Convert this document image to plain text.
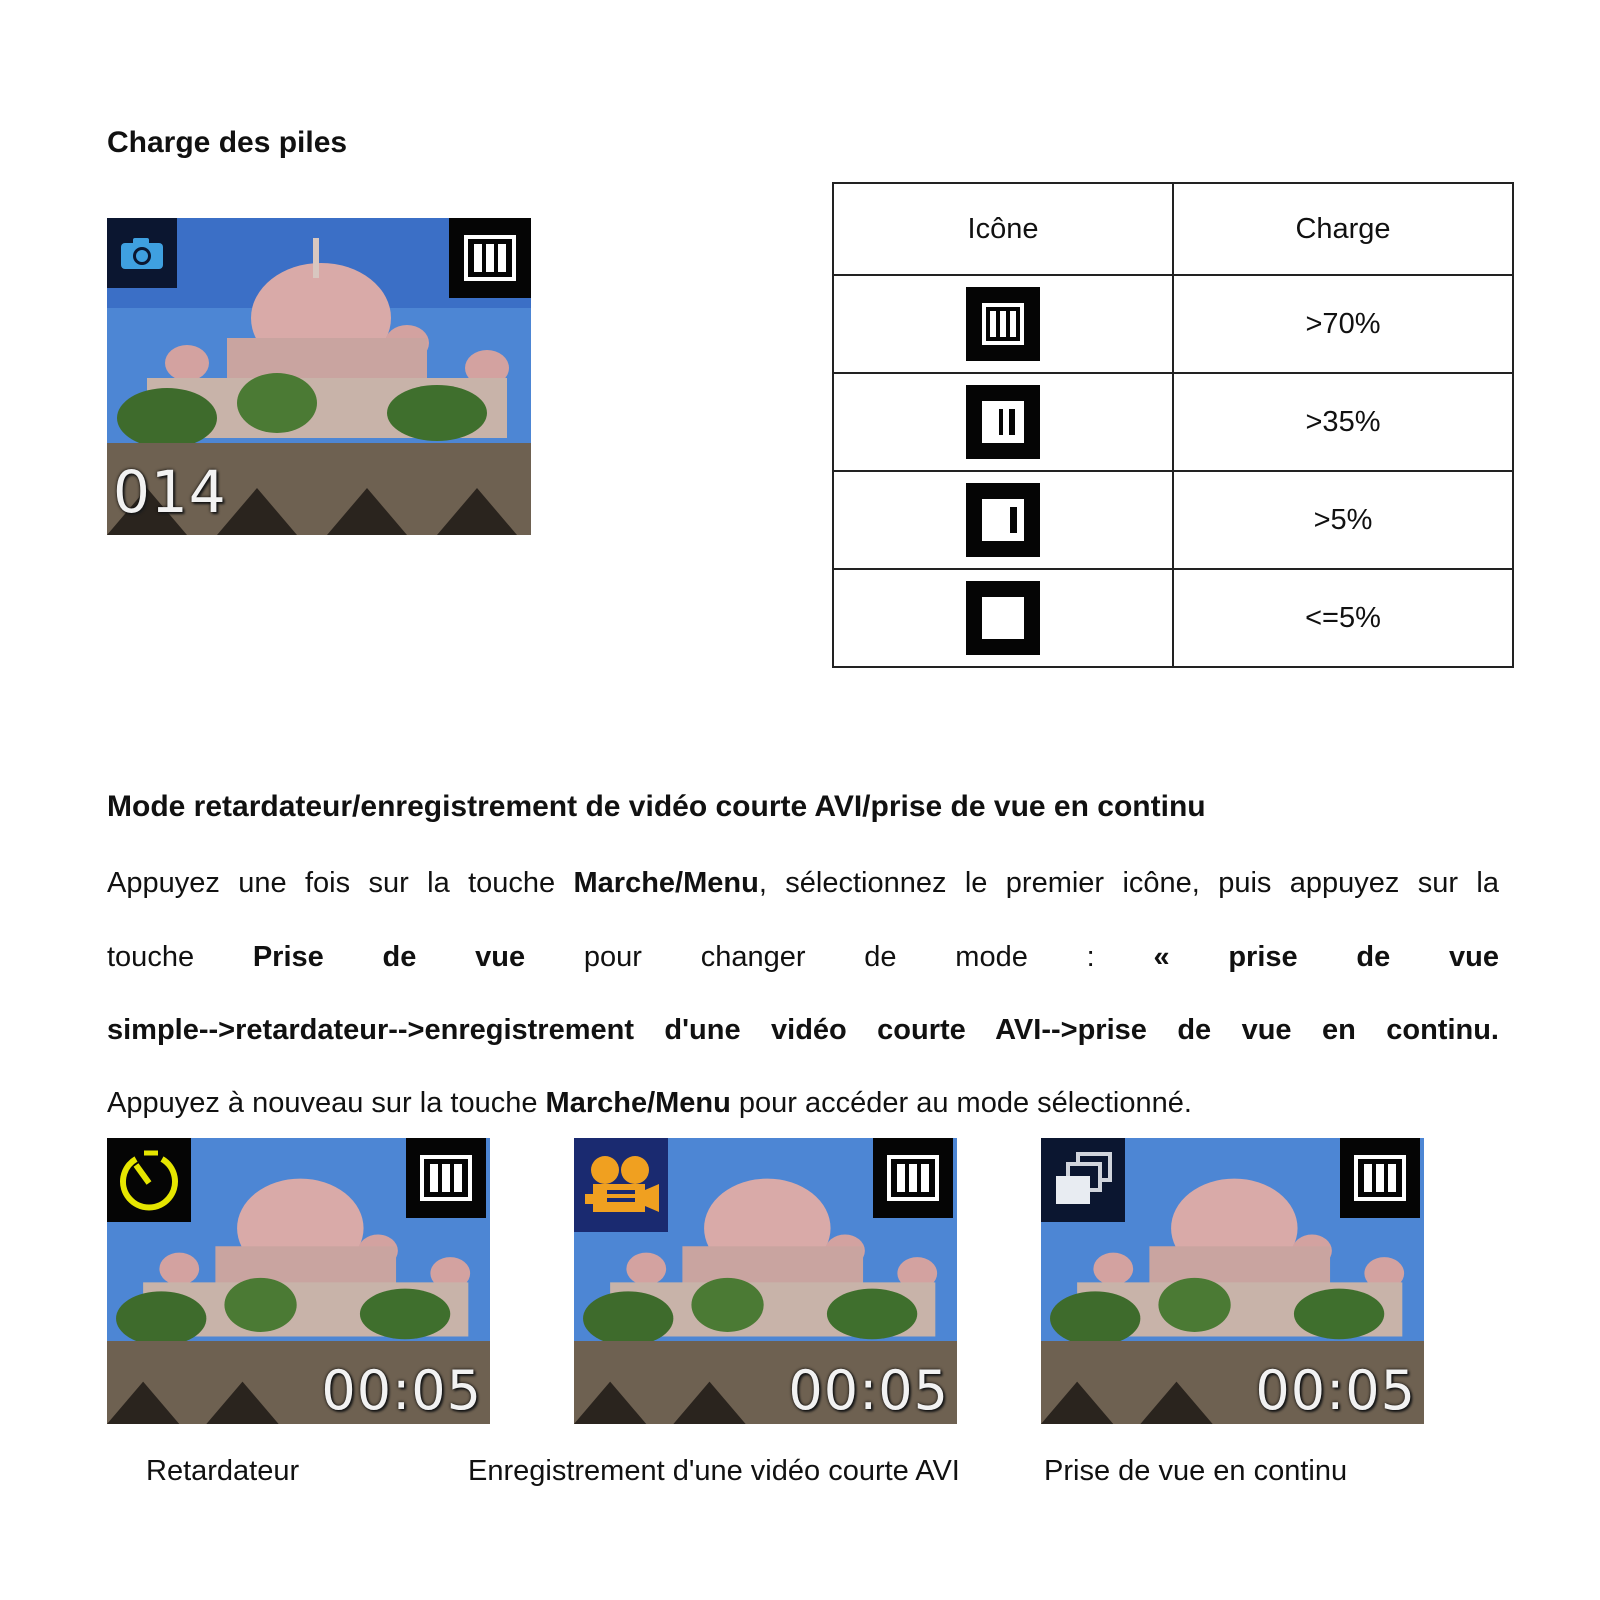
Charge des piles
014
Icône	Charge
	>70%
	>35%
	>5%
	<=5%
Mode retardateur/enregistrement de vidéo courte AVI/prise de vue en continu
Appuyez une fois sur la touche Marche/Menu, sélectionnez le premier icône, puis appuyez sur la
touche Prise de vue pour changer de mode : « prise de vue
simple-->retardateur-->enregistrement d'une vidéo courte AVI-->prise de vue en continu.
Appuyez à nouveau sur la touche Marche/Menu pour accéder au mode sélectionné.
00:05	00:05	00:05
Retardateur	Enregistrement d'une vidéo courte AVI	Prise de vue en continu
